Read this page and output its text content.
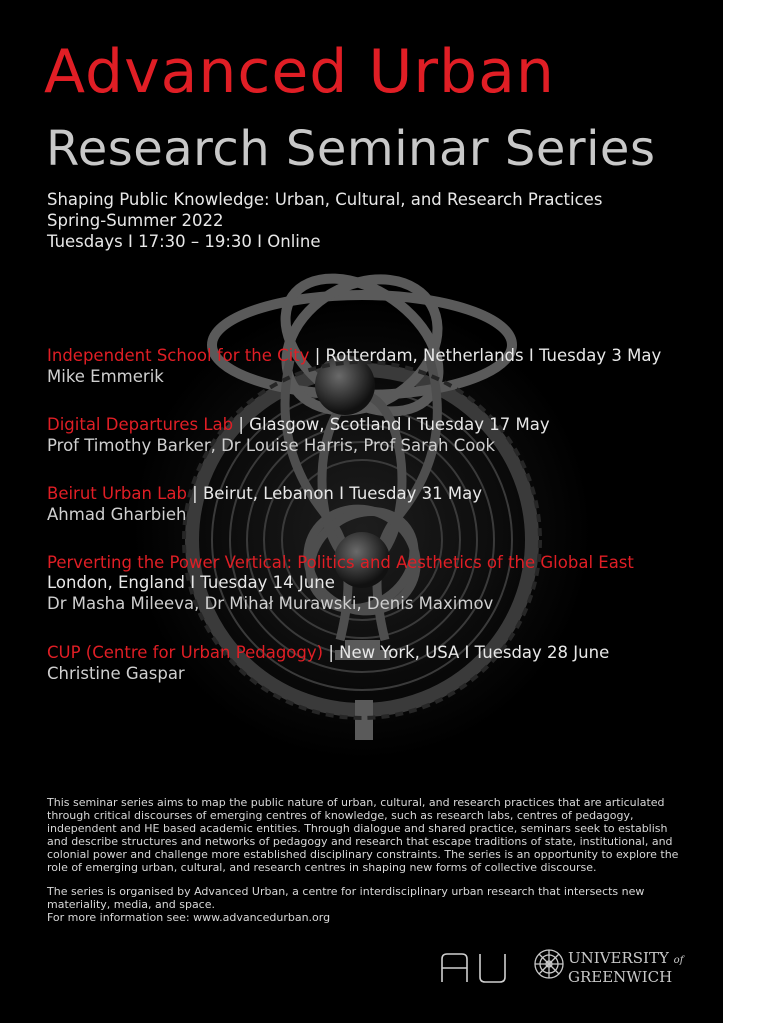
Advanced Urban
Research Seminar Series
Shaping Public Knowledge: Urban, Cultural, and Research Practices
Spring-Summer 2022
Tuesdays I 17:30 – 19:30 I Online
Independent School for the City | Rotterdam, Netherlands I Tuesday 3 May
Mike Emmerik
Digital Departures Lab | Glasgow, Scotland I Tuesday 17 May
Prof Timothy Barker, Dr Louise Harris, Prof Sarah Cook
Beirut Urban Lab | Beirut, Lebanon I Tuesday 31 May
Ahmad Gharbieh
Perverting the Power Vertical: Politics and Aesthetics of the Global East
London, England I Tuesday 14 June
Dr Masha Mileeva, Dr Mihał Murawski, Denis Maximov
CUP (Centre for Urban Pedagogy) | New York, USA I Tuesday 28 June
Christine Gaspar

This seminar series aims to map the public nature of urban, cultural, and research practices that are articulated through critical discourses of emerging centres of knowledge, such as research labs, centres of pedagogy, independent and HE based academic entities. Through dialogue and shared practice, seminars seek to establish and describe structures and networks of pedagogy and research that escape traditions of state, institutional, and colonial power and challenge more established disciplinary constraints. The series is an opportunity to explore the role of emerging urban, cultural, and research centres in shaping new forms of collective discourse.

The series is organised by Advanced Urban, a centre for interdisciplinary urban research that intersects new materiality, media, and space.

For more information see: www.advancedurban.org
UNIVERSITY of
GREENWICH
